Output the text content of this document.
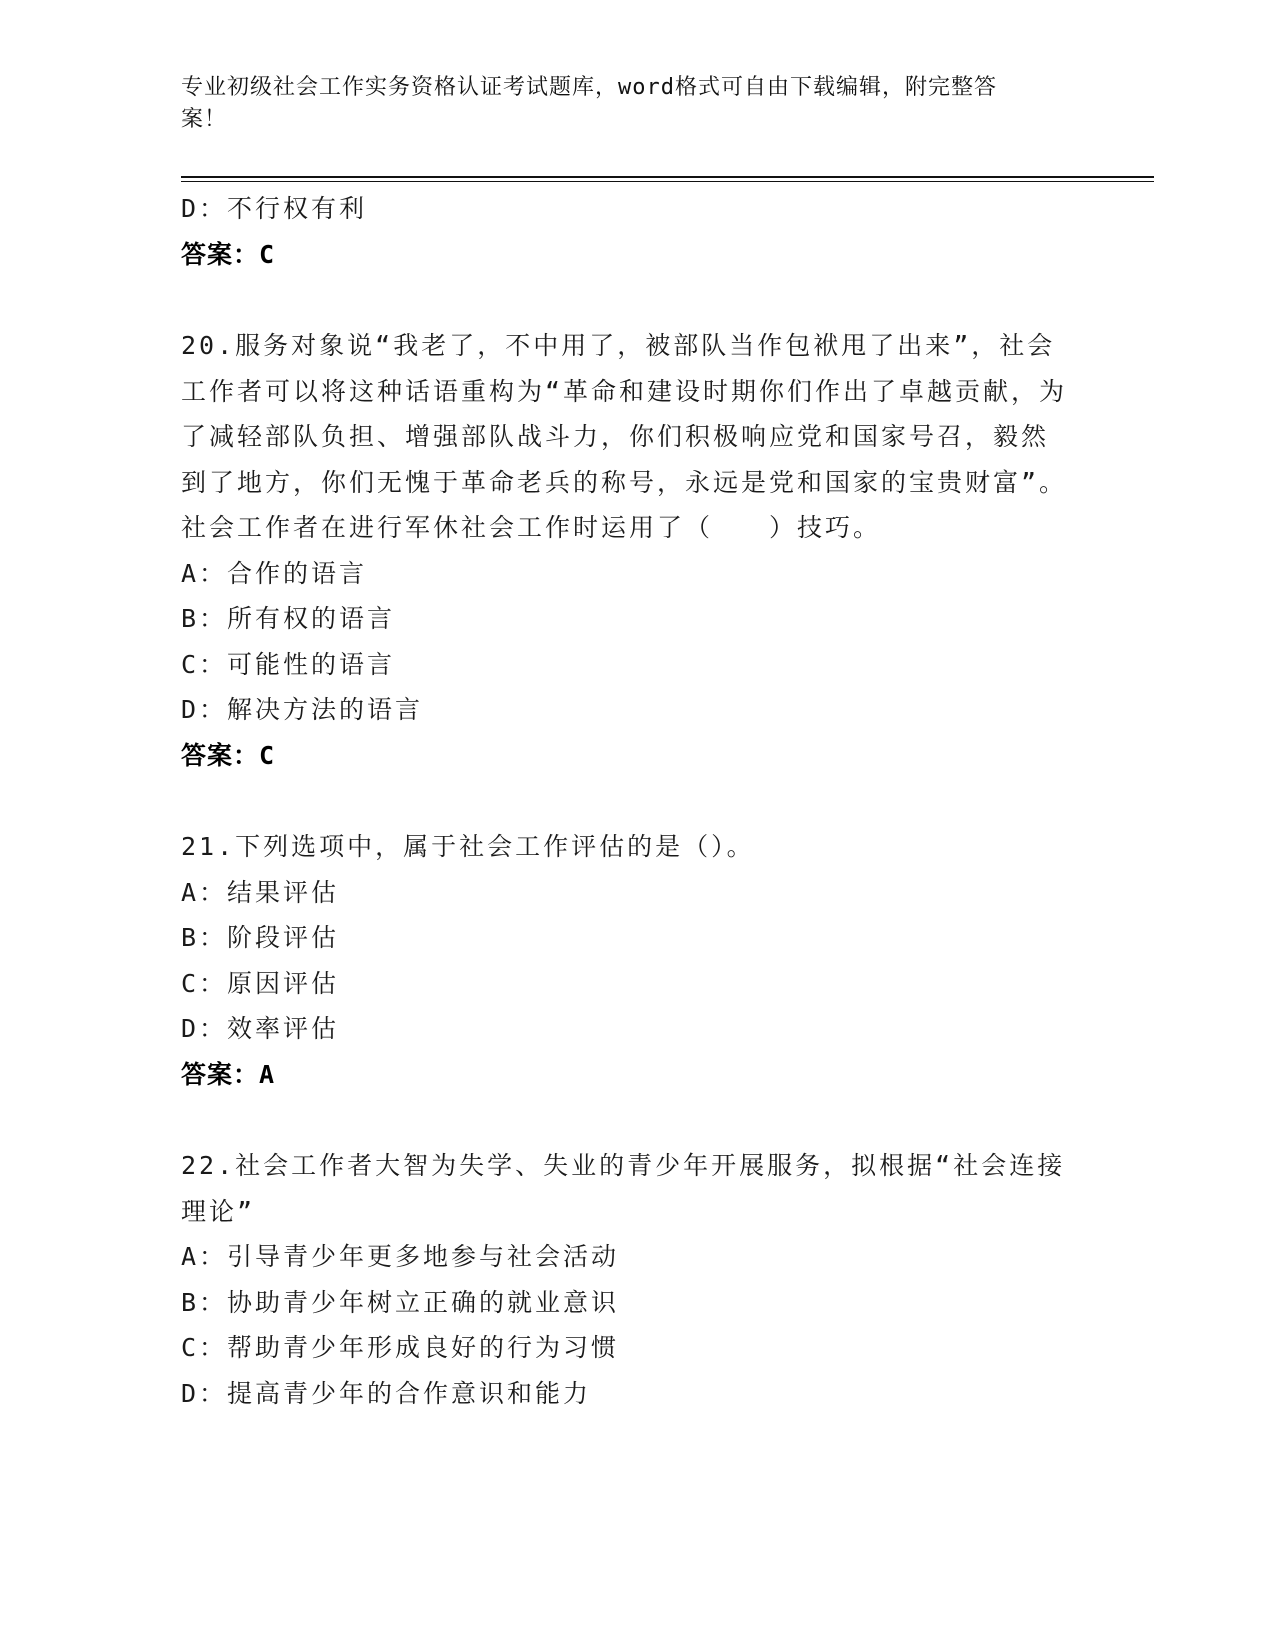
专业初级社会工作实务资格认证考试题库，word格式可自由下载编辑，附完整答案！
D：不行权有利
答案：C
20.服务对象说“我老了，不中用了，被部队当作包袱甩了出来”，社会工作者可以将这种话语重构为“革命和建设时期你们作出了卓越贡献，为了减轻部队负担、增强部队战斗力，你们积极响应党和国家号召，毅然到了地方，你们无愧于革命老兵的称号，永远是党和国家的宝贵财富”。社会工作者在进行军休社会工作时运用了（　　）技巧。
A：合作的语言
B：所有权的语言
C：可能性的语言
D：解决方法的语言
答案：C
21.下列选项中，属于社会工作评估的是（）。
A：结果评估
B：阶段评估
C：原因评估
D：效率评估
答案：A
22.社会工作者大智为失学、失业的青少年开展服务，拟根据“社会连接理论”
A：引导青少年更多地参与社会活动
B：协助青少年树立正确的就业意识
C：帮助青少年形成良好的行为习惯
D：提高青少年的合作意识和能力
